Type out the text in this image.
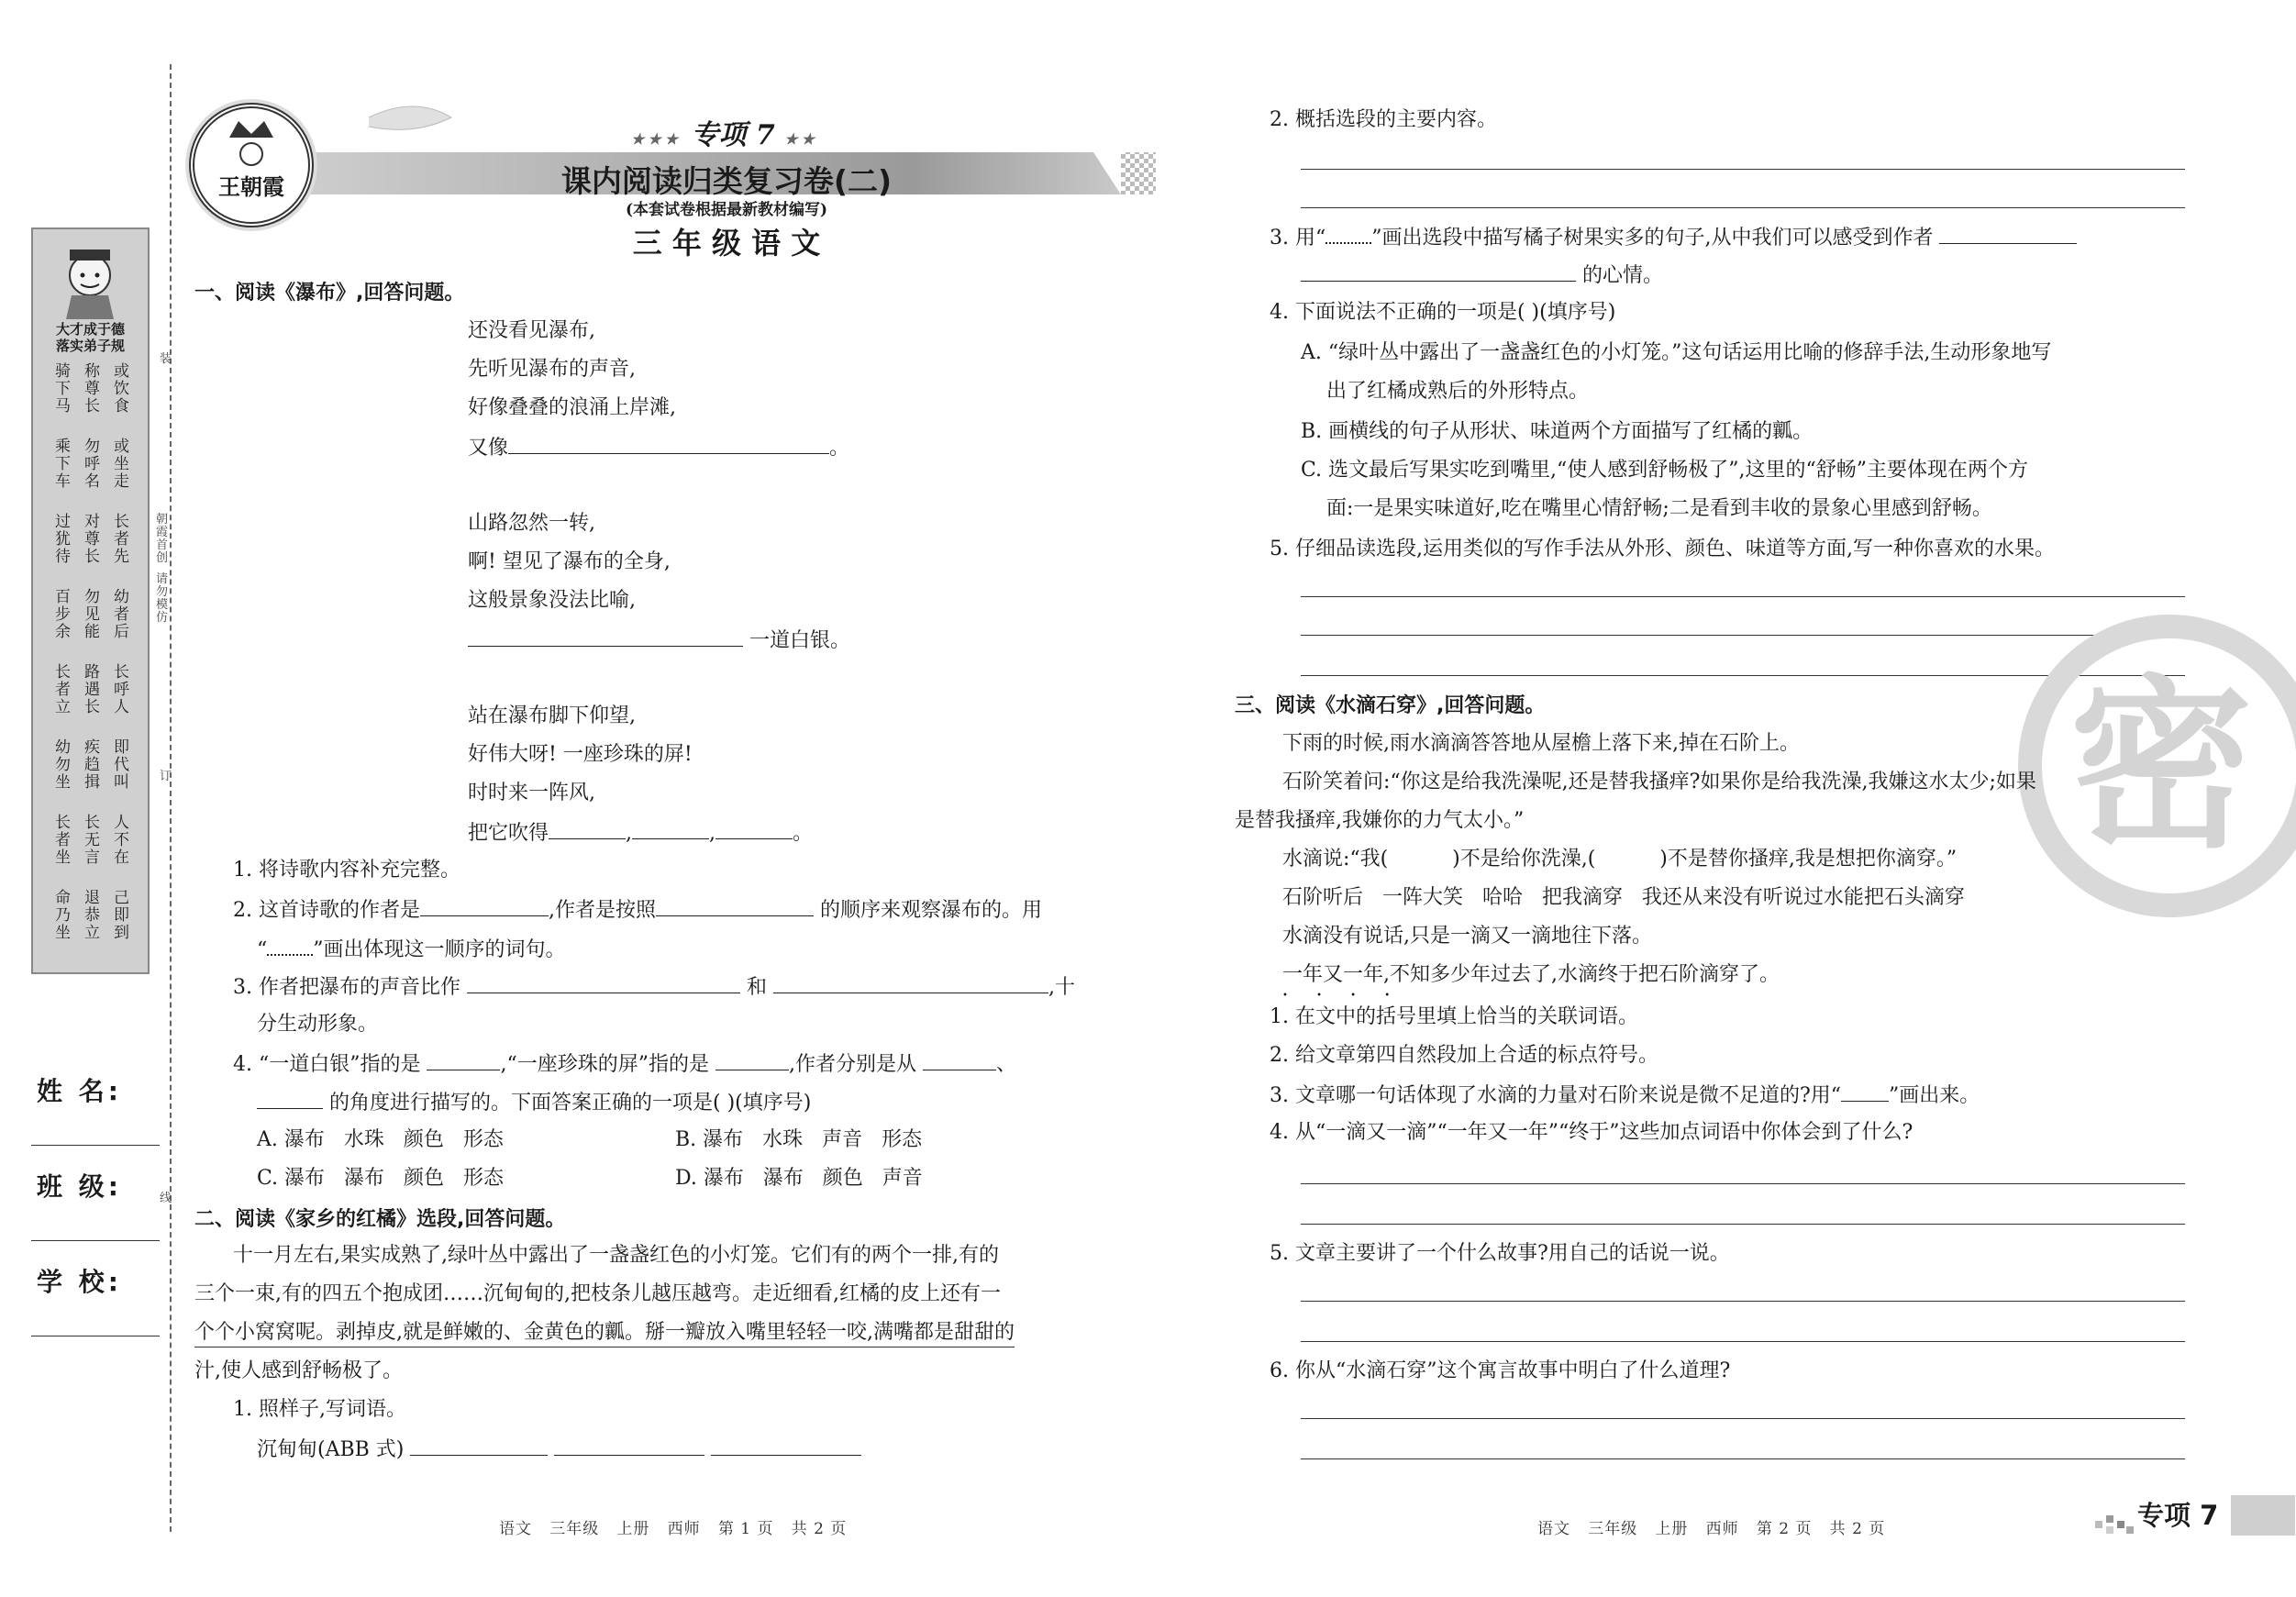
装
订
线
朝霞首创
请勿模仿
大才成于德
落实弟子规
或饮食
称尊长
骑下马
或坐走
勿呼名
乘下车
长者先
对尊长
过犹待
幼者后
勿见能
百步余
长呼人
路遇长
长者立
即代叫
疾趋揖
幼勿坐
人不在
长无言
长者坐
己即到
退恭立
命乃坐
姓 名:
班 级:
学 校:
王朝霞
★★★ 专项 7 ★★
课内阅读归类复习卷(二)
(本套试卷根据最新教材编写)
三 年 级 语 文
一、阅读《瀑布》,回答问题。
还没看见瀑布,
先听见瀑布的声音,
好像叠叠的浪涌上岸滩,
又像	。
山路忽然一转,
啊! 望见了瀑布的全身,
这般景象没法比喻,
一道白银。
站在瀑布脚下仰望,
好伟大呀! 一座珍珠的屏!
时时来一阵风,
把它吹得	,	,	。
1. 将诗歌内容补充完整。
2. 这首诗歌的作者是	,作者是按照	的顺序来观察瀑布的。用
“ ”画出体现这一顺序的词句。
3. 作者把瀑布的声音比作	和	,十
分生动形象。
4. “一道白银”指的是	,“一座珍珠的屏”指的是	,作者分别是从	、
的角度进行描写的。下面答案正确的一项是( )(填序号)
A. 瀑布   水珠   颜色   形态	B. 瀑布   水珠   声音   形态
C. 瀑布   瀑布   颜色   形态	D. 瀑布   瀑布   颜色   声音
二、阅读《家乡的红橘》选段,回答问题。
十一月左右,果实成熟了,绿叶丛中露出了一盏盏红色的小灯笼。它们有的两个一排,有的
三个一束,有的四五个抱成团……沉甸甸的,把枝条儿越压越弯。走近细看,红橘的皮上还有一
个个小窝窝呢。剥掉皮,就是鲜嫩的、金黄色的瓤。掰一瓣放入嘴里轻轻一咬,满嘴都是甜甜的
汁,使人感到舒畅极了。
1. 照样子,写词语。
沉甸甸(ABB 式)
2. 概括选段的主要内容。
3. 用“ ”画出选段中描写橘子树果实多的句子,从中我们可以感受到作者
的心情。
4. 下面说法不正确的一项是( )(填序号)
A. “绿叶丛中露出了一盏盏红色的小灯笼。”这句话运用比喻的修辞手法,生动形象地写
出了红橘成熟后的外形特点。
B. 画横线的句子从形状、味道两个方面描写了红橘的瓤。
C. 选文最后写果实吃到嘴里,“使人感到舒畅极了”,这里的“舒畅”主要体现在两个方
面:一是果实味道好,吃在嘴里心情舒畅;二是看到丰收的景象心里感到舒畅。
5. 仔细品读选段,运用类似的写作手法从外形、颜色、味道等方面,写一种你喜欢的水果。
密
三、阅读《水滴石穿》,回答问题。
下雨的时候,雨水滴滴答答地从屋檐上落下来,掉在石阶上。
石阶笑着问:“你这是给我洗澡呢,还是替我搔痒?如果你是给我洗澡,我嫌这水太少;如果
是替我搔痒,我嫌你的力气太小。”
水滴说:“我(          )不是给你洗澡,(          )不是替你搔痒,我是想把你滴穿。”
石阶听后   一阵大笑   哈哈   把我滴穿   我还从来没有听说过水能把石头滴穿
水滴没有说话,只是一滴又一滴地往下落。
一年又一年,不知多少年过去了,水滴终于把石阶滴穿了。
• • • •
1. 在文中的括号里填上恰当的关联词语。
2. 给文章第四自然段加上合适的标点符号。
3. 文章哪一句话体现了水滴的力量对石阶来说是微不足道的?用“ ”画出来。
4. 从“一滴又一滴”“一年又一年”“终于”这些加点词语中你体会到了什么?
5. 文章主要讲了一个什么故事?用自己的话说一说。
6. 你从“水滴石穿”这个寓言故事中明白了什么道理?
语文   三年级   上册   西师   第 1 页   共 2 页	语文   三年级   上册   西师   第 2 页   共 2 页	专项 7
